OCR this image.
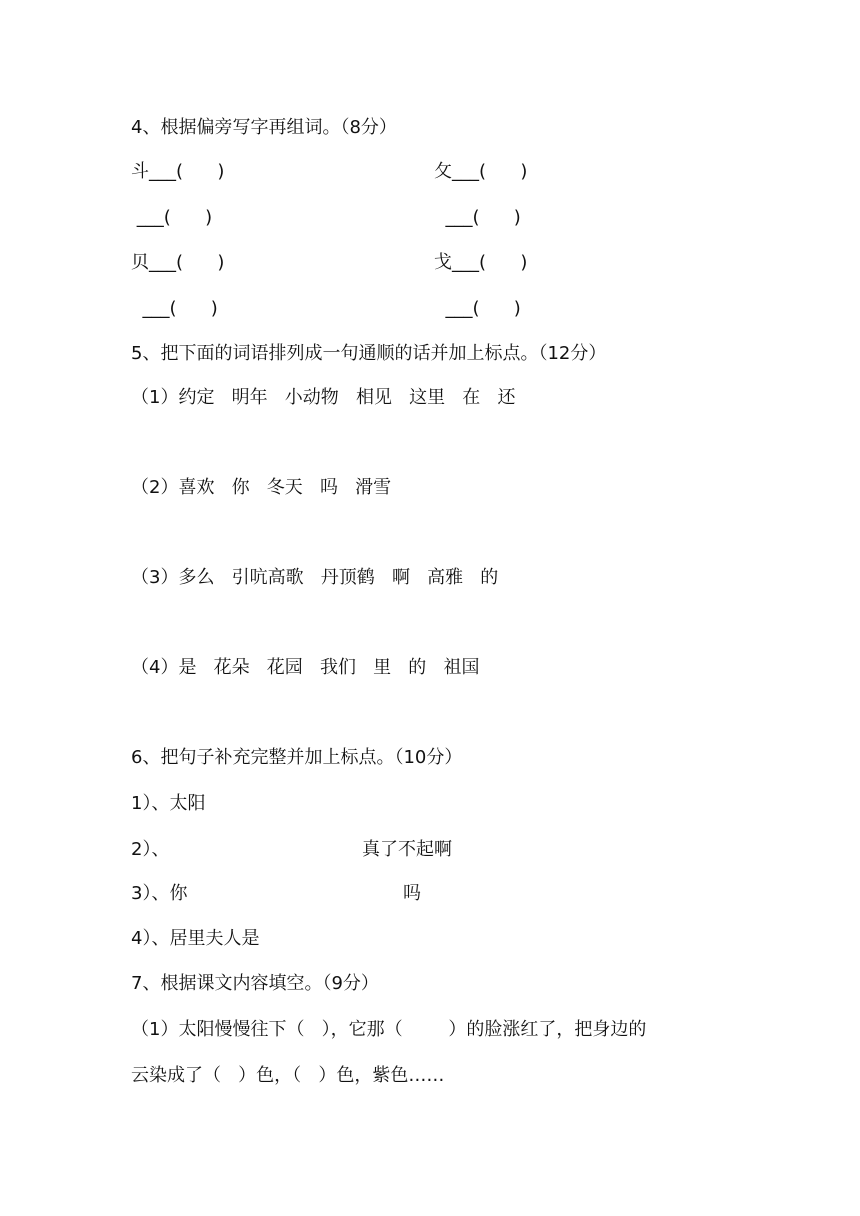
4、根据偏旁写字再组词。（8分）
斗___(      )	攵___(      )
___(      )	___(      )
贝___(      )	戈___(      )
___(      )	___(      )
5、把下面的词语排列成一句通顺的话并加上标点。（12分）
（1）约定   明年   小动物   相见   这里   在   还
（2）喜欢   你   冬天   吗   滑雪
（3）多么   引吭高歌   丹顶鹤   啊   高雅   的
（4）是   花朵   花园   我们   里   的   祖国
6、把句子补充完整并加上标点。（10分）
1）、太阳
2）、	真了不起啊
3）、你	吗
4）、居里夫人是
7、根据课文内容填空。（9分）
（1）太阳慢慢往下（   ），它那（        ）的脸涨红了，把身边的
云染成了（   ）色，（   ）色，紫色……
